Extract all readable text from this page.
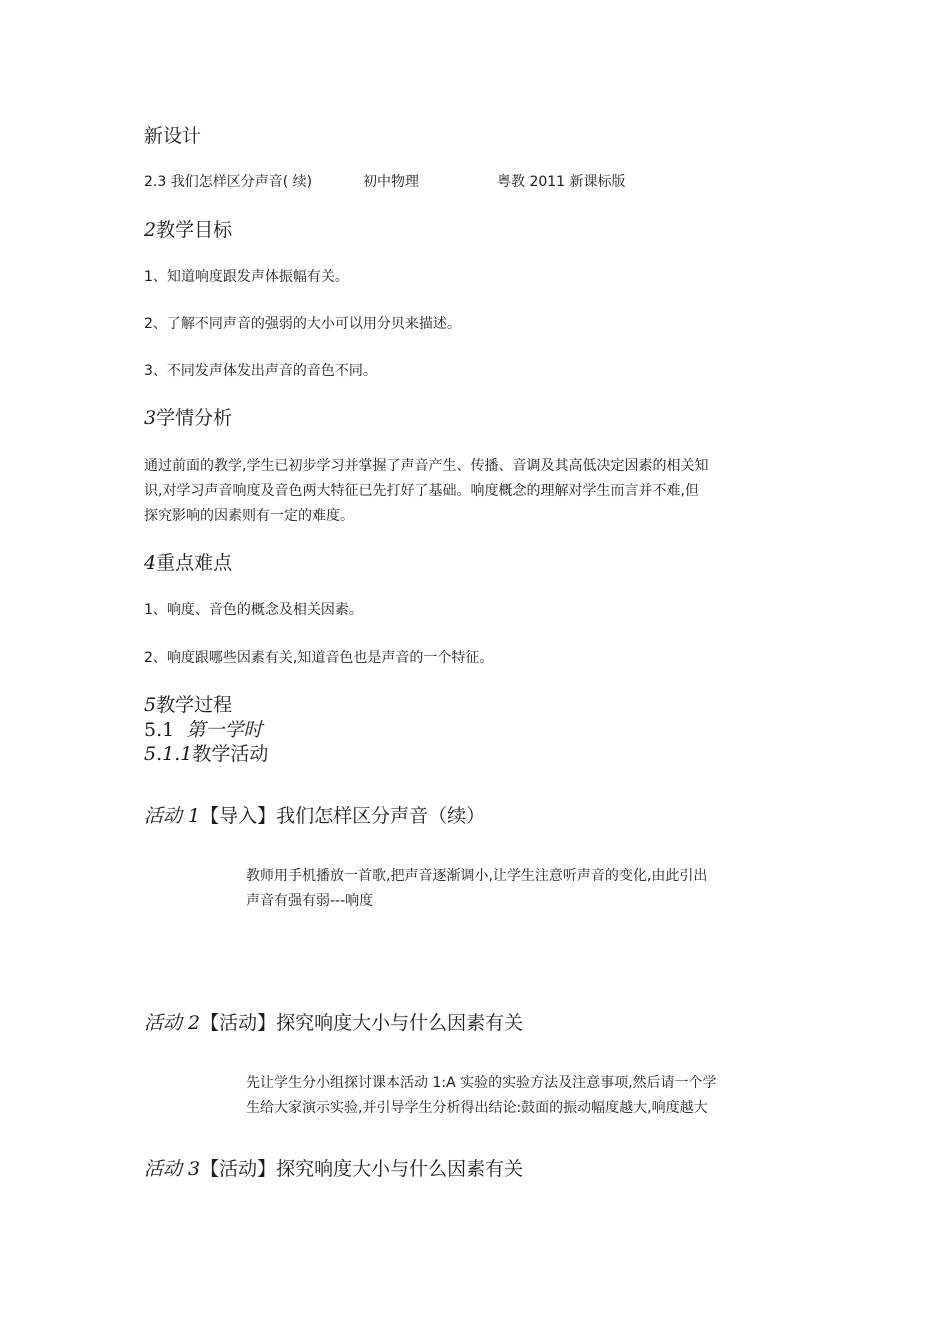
新设计
2.3 我们怎样区分声音( 续)	初中物理	粤教 2011 新课标版
2教学目标
1、知道响度跟发声体振幅有关。
2、了解不同声音的强弱的大小可以用分贝来描述。
3、不同发声体发出声音的音色不同。
3学情分析
通过前面的教学,学生已初步学习并掌握了声音产生、传播、音调及其高低决定因素的相关知
识,对学习声音响度及音色两大特征已先打好了基础。响度概念的理解对学生而言并不难,但
探究影响的因素则有一定的难度。
4重点难点
1、响度、音色的概念及相关因素。
2、响度跟哪些因素有关,知道音色也是声音的一个特征。
5教学过程
5.1 第一学时
5.1.1教学活动
活动 1【导入】我们怎样区分声音（续）
教师用手机播放一首歌,把声音逐渐调小,让学生注意听声音的变化,由此引出
声音有强有弱---响度
活动 2【活动】探究响度大小与什么因素有关
先让学生分小组探讨课本活动 1:A 实验的实验方法及注意事项,然后请一个学
生给大家演示实验,并引导学生分析得出结论:鼓面的振动幅度越大,响度越大
活动 3【活动】探究响度大小与什么因素有关
